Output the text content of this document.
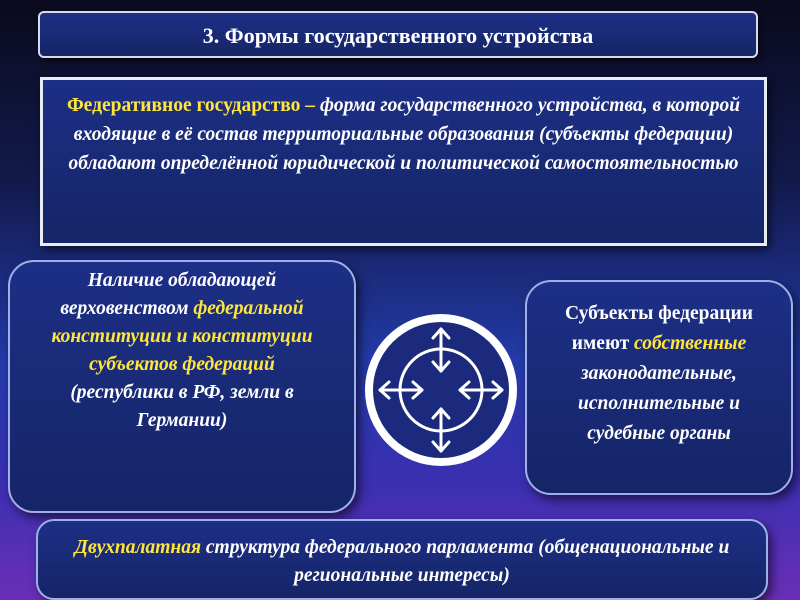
3. Формы государственного устройства
Федеративное государство – форма государственного устройства, в которой входящие в её состав территориальные образования (субъекты федерации) обладают определённой юридической и политической самостоятельностью
Наличие обладающей верховенством федеральной конституции и конституции субъектов федераций
(республики в РФ, земли в Германии)
Субъекты федерации имеют собственные законодательные, исполнительные и судебные органы
Двухпалатная структура федерального парламента (общенациональные и региональные интересы)
